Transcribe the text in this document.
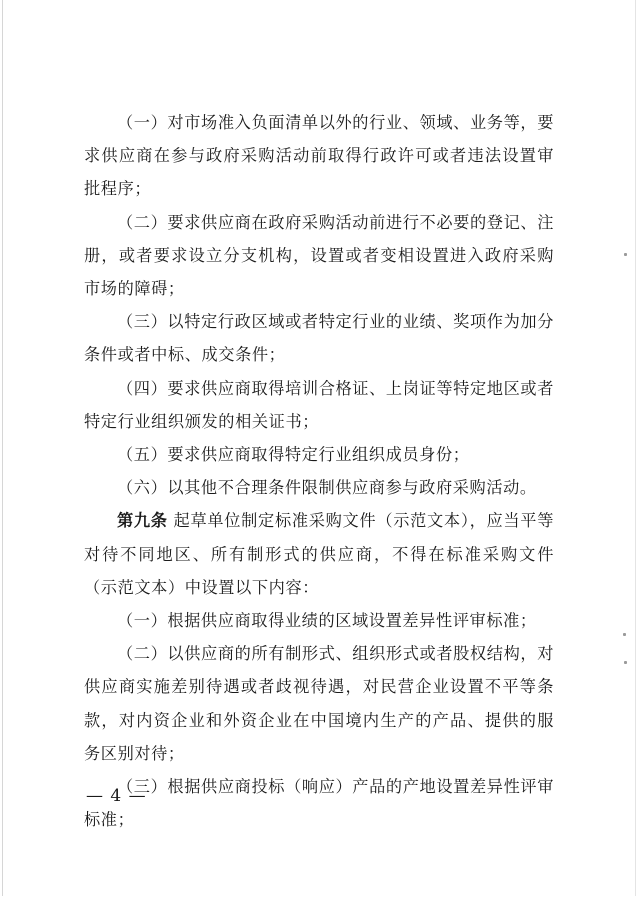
（一）对市场准入负面清单以外的行业、领域、业务等，要求供应商在参与政府采购活动前取得行政许可或者违法设置审批程序；

（二）要求供应商在政府采购活动前进行不必要的登记、注册，或者要求设立分支机构，设置或者变相设置进入政府采购市场的障碍；

（三）以特定行政区域或者特定行业的业绩、奖项作为加分条件或者中标、成交条件；

（四）要求供应商取得培训合格证、上岗证等特定地区或者特定行业组织颁发的相关证书；

（五）要求供应商取得特定行业组织成员身份；

（六）以其他不合理条件限制供应商参与政府采购活动。

第九条 起草单位制定标准采购文件（示范文本），应当平等对待不同地区、所有制形式的供应商，不得在标准采购文件（示范文本）中设置以下内容：

（一）根据供应商取得业绩的区域设置差异性评审标准；

（二）以供应商的所有制形式、组织形式或者股权结构，对供应商实施差别待遇或者歧视待遇，对民营企业设置不平等条款，对内资企业和外资企业在中国境内生产的产品、提供的服务区别对待；

（三）根据供应商投标（响应）产品的产地设置差异性评审标准；

— 4 —
